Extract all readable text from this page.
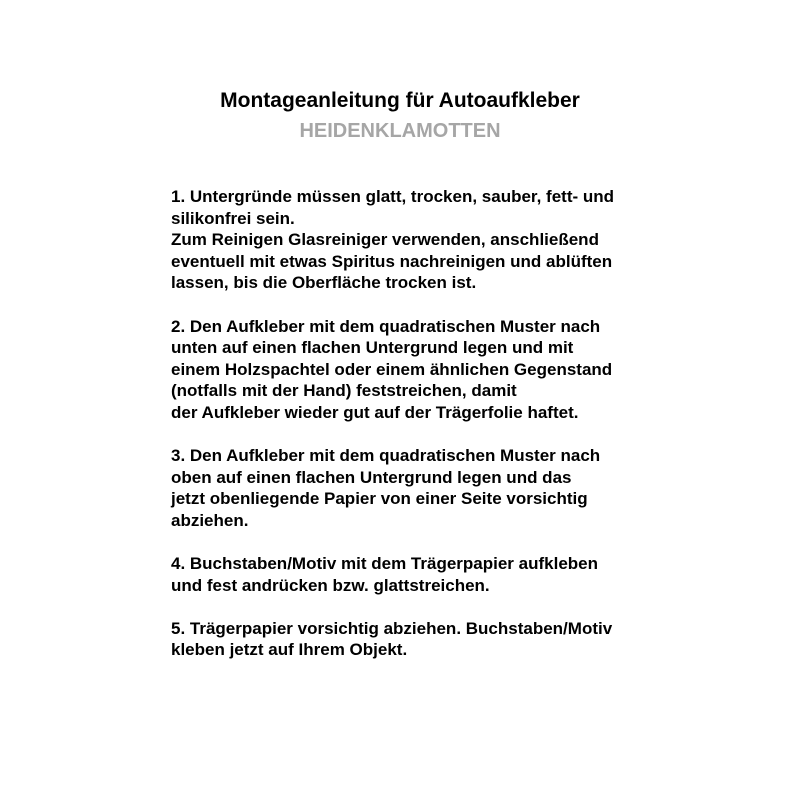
Montageanleitung für Autoaufkleber
HEIDENKLAMOTTEN
1. Untergründe müssen glatt, trocken, sauber, fett- und
silikonfrei sein.
Zum Reinigen Glasreiniger verwenden, anschließend
eventuell mit etwas Spiritus nachreinigen und ablüften
lassen, bis die Oberfläche trocken ist.
2. Den Aufkleber mit dem quadratischen Muster nach
unten auf einen flachen Untergrund legen und mit
einem Holzspachtel oder einem ähnlichen Gegenstand
(notfalls mit der Hand) feststreichen, damit
der Aufkleber wieder gut auf der Trägerfolie haftet.
3. Den Aufkleber mit dem quadratischen Muster nach
oben auf einen flachen Untergrund legen und das
jetzt obenliegende Papier von einer Seite vorsichtig
abziehen.
4. Buchstaben/Motiv mit dem Trägerpapier aufkleben
und fest andrücken bzw. glattstreichen.
5. Trägerpapier vorsichtig abziehen. Buchstaben/Motiv
kleben jetzt auf Ihrem Objekt.
